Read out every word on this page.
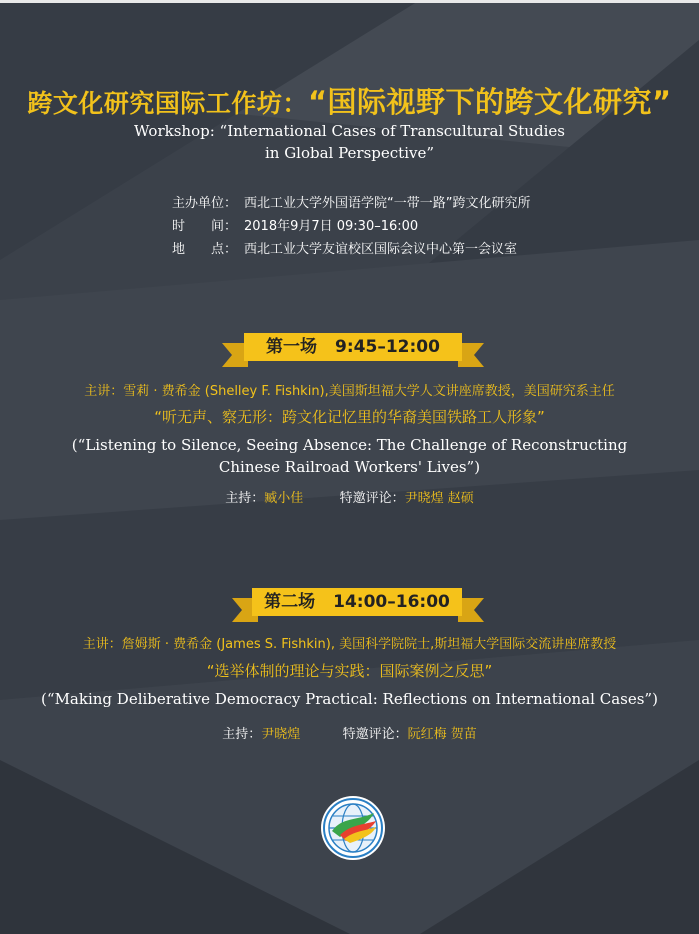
跨文化研究国际工作坊：“国际视野下的跨文化研究”
Workshop: “International Cases of Transcultural Studies
in Global Perspective”
主办单位： 西北工业大学外国语学院“一带一路”跨文化研究所
时　　间： 2018年9月7日 09:30–16:00
地　　点： 西北工业大学友谊校区国际会议中心第一会议室
第一场 9:45–12:00
主讲：雪莉 · 费希金 (Shelley F. Fishkin),美国斯坦福大学人文讲座席教授，美国研究系主任
“听无声、察无形：跨文化记忆里的华裔美国铁路工人形象”
(“Listening to Silence, Seeing Absence: The Challenge of Reconstructing
Chinese Railroad Workers' Lives”)
主持：臧小佳	特邀评论：尹晓煌 赵硕
第二场 14:00–16:00
主讲：詹姆斯 · 费希金 (James S. Fishkin), 美国科学院院士,斯坦福大学国际交流讲座席教授
“选举体制的理论与实践：国际案例之反思”
(“Making Deliberative Democracy Practical: Reflections on International Cases”)
主持：尹晓煌	特邀评论：阮红梅 贺苗
